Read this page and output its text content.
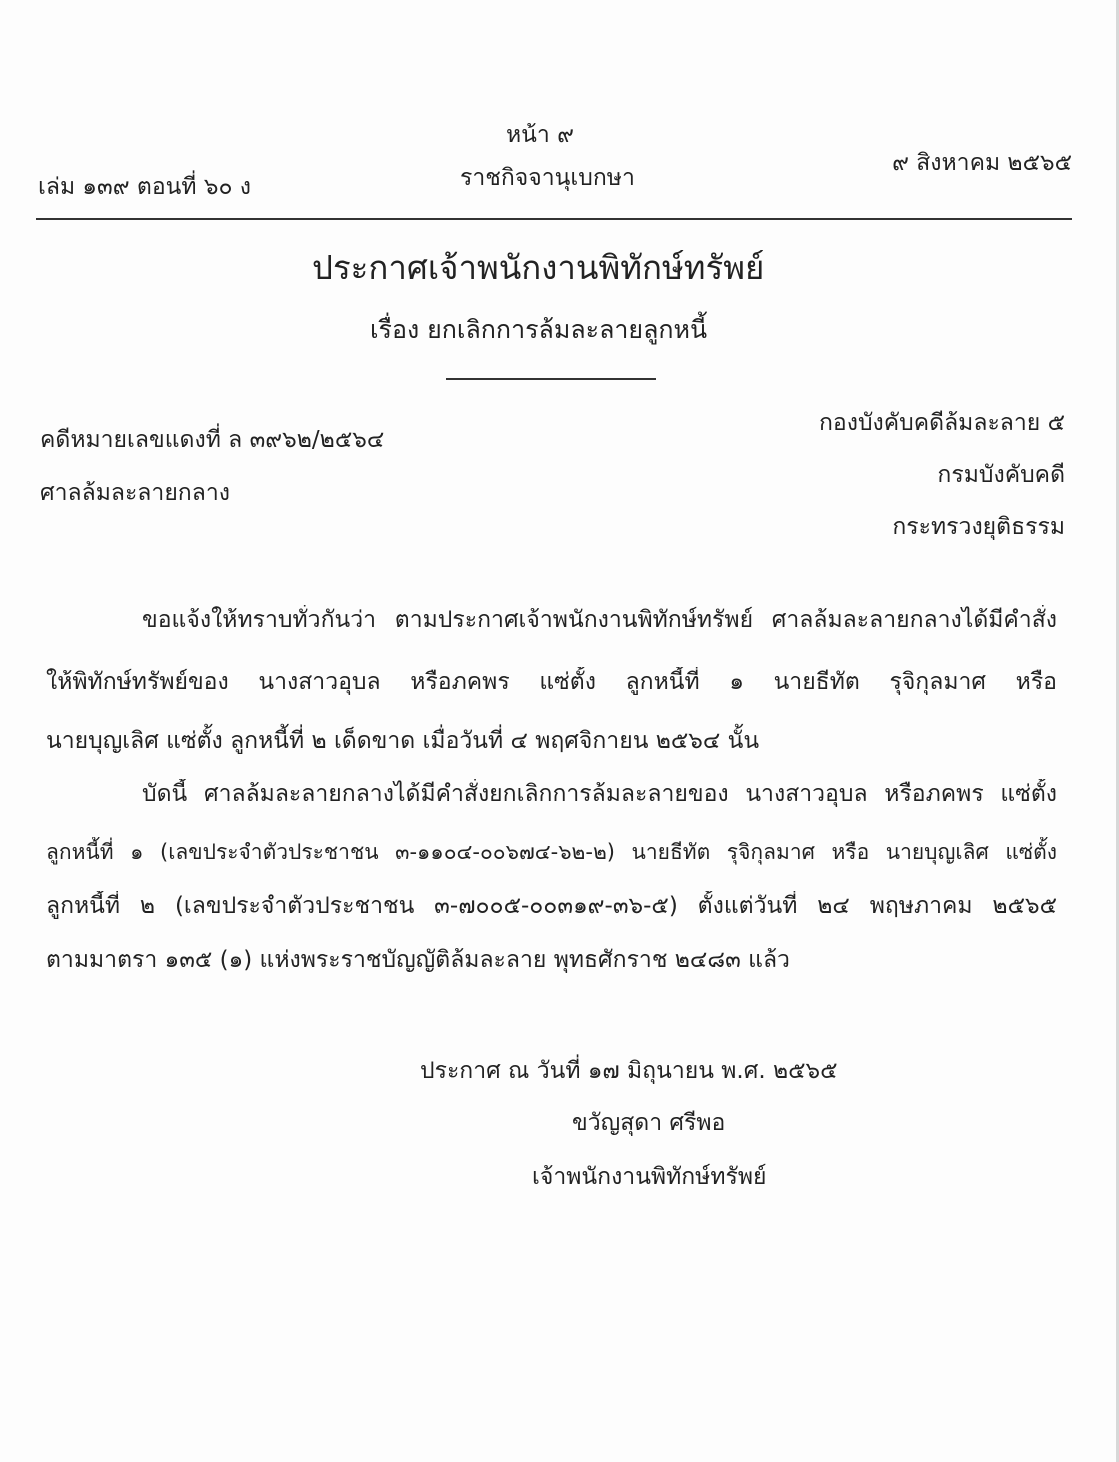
หน้า ๙
เล่ม ๑๓๙ ตอนที่ ๖๐ ง	ราชกิจจานุเบกษา
๙ สิงหาคม ๒๕๖๕
ประกาศเจ้าพนักงานพิทักษ์ทรัพย์
เรื่อง ยกเลิกการล้มละลายลูกหนี้
คดีหมายเลขแดงที่ ล ๓๙๖๒/๒๕๖๔
ศาลล้มละลายกลาง
กองบังคับคดีล้มละลาย ๕
กรมบังคับคดี
กระทรวงยุติธรรม
ขอแจ้งให้ทราบทั่วกันว่า ตามประกาศเจ้าพนักงานพิทักษ์ทรัพย์ ศาลล้มละลายกลางได้มีคำสั่ง
ให้พิทักษ์ทรัพย์ของ นางสาวอุบล หรือภคพร แซ่ตั้ง ลูกหนี้ที่ ๑ นายธีทัต รุจิกุลมาศ หรือ
นายบุญเลิศ แซ่ตั้ง ลูกหนี้ที่ ๒ เด็ดขาด เมื่อวันที่ ๔ พฤศจิกายน ๒๕๖๔ นั้น
บัดนี้ ศาลล้มละลายกลางได้มีคำสั่งยกเลิกการล้มละลายของ นางสาวอุบล หรือภคพร แซ่ตั้ง
ลูกหนี้ที่ ๑ (เลขประจำตัวประชาชน ๓-๑๑๐๔-๐๐๖๗๔-๖๒-๒) นายธีทัต รุจิกุลมาศ หรือ นายบุญเลิศ แซ่ตั้ง
ลูกหนี้ที่ ๒ (เลขประจำตัวประชาชน ๓-๗๐๐๕-๐๐๓๑๙-๓๖-๕) ตั้งแต่วันที่ ๒๔ พฤษภาคม ๒๕๖๕
ตามมาตรา ๑๓๕ (๑) แห่งพระราชบัญญัติล้มละลาย พุทธศักราช ๒๔๘๓ แล้ว
ประกาศ ณ วันที่ ๑๗ มิถุนายน พ.ศ. ๒๕๖๕
ขวัญสุดา ศรีพอ
เจ้าพนักงานพิทักษ์ทรัพย์
